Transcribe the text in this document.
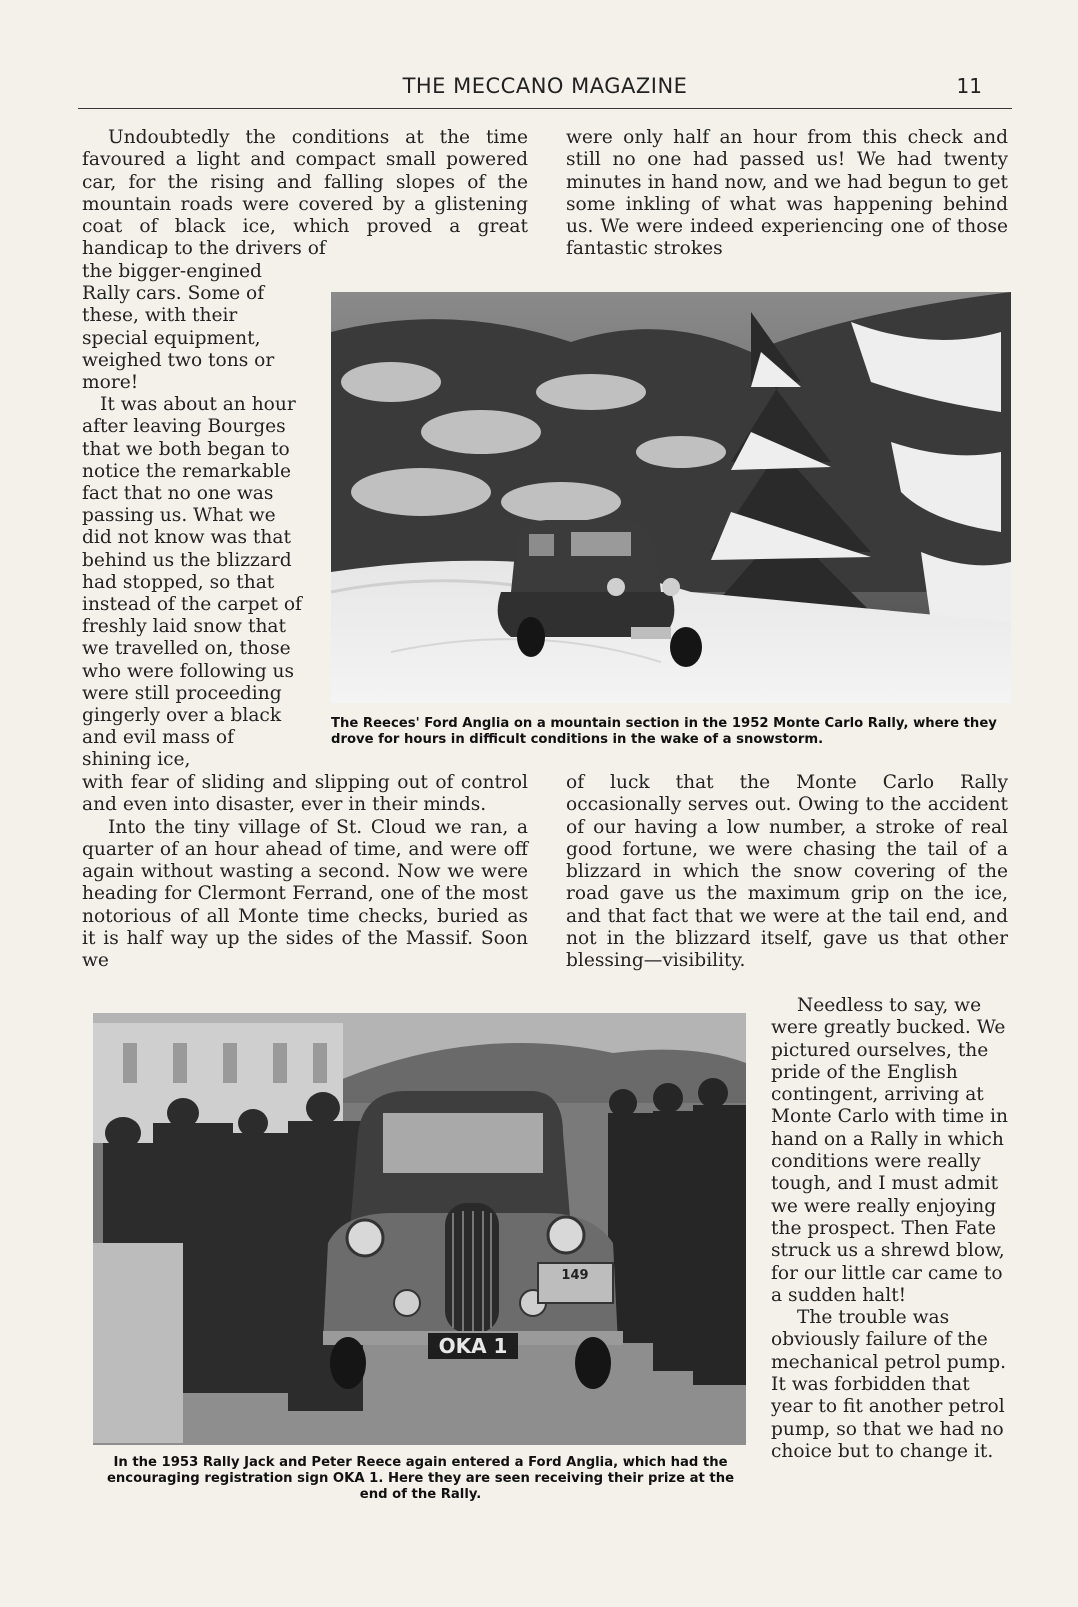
THE MECCANO MAGAZINE	11

Undoubtedly the conditions at the time favoured a light and compact small powered car, for the rising and falling slopes of the mountain roads were covered by a glistening coat of black ice, which proved a great handicap to the drivers of

the bigger-engined Rally cars. Some of these, with their special equipment, weighed two tons or more!

It was about an hour after leaving Bourges that we both began to notice the remarkable fact that no one was passing us. What we did not know was that behind us the blizzard had stopped, so that instead of the carpet of freshly laid snow that we travelled on, those who were following us were still proceeding gingerly over a black and evil mass of shining ice,

with fear of sliding and slipping out of control and even into disaster, ever in their minds.

Into the tiny village of St. Cloud we ran, a quarter of an hour ahead of time, and were off again without wasting a second. Now we were heading for Clermont Ferrand, one of the most notorious of all Monte time checks, buried as it is half way up the sides of the Massif. Soon we

were only half an hour from this check and still no one had passed us! We had twenty minutes in hand now, and we had begun to get some inkling of what was happening behind us. We were indeed experiencing one of those fantastic strokes

of luck that the Monte Carlo Rally occasionally serves out. Owing to the accident of our having a low number, a stroke of real good fortune, we were chasing the tail of a blizzard in which the snow covering of the road gave us the maximum grip on the ice, and that fact that we were at the tail end, and not in the blizzard itself, gave us that other blessing—visibility.

Needless to say, we were greatly bucked. We pictured ourselves, the pride of the English contingent, arriving at Monte Carlo with time in hand on a Rally in which conditions were really tough, and I must admit we were really enjoying the prospect. Then Fate struck us a shrewd blow, for our little car came to a sudden halt!

The trouble was obviously failure of the mechanical petrol pump. It was forbidden that year to fit another petrol pump, so that we had no choice but to change it.

The Reeces' Ford Anglia on a mountain section in the 1952 Monte Carlo Rally, where they drove for hours in difficult conditions in the wake of a snowstorm.
149
OKA 1
In the 1953 Rally Jack and Peter Reece again entered a Ford Anglia, which had the encouraging registration sign OKA 1. Here they are seen receiving their prize at the end of the Rally.
